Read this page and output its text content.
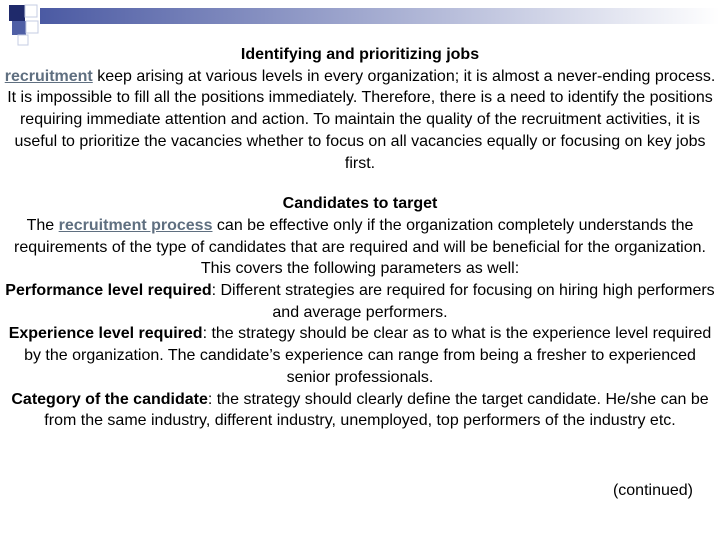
Identifying and prioritizing jobs
recruitment keep arising at various levels in every organization; it is almost a never-ending process. It is impossible to fill all the positions immediately. Therefore, there is a need to identify the positions requiring immediate attention and action. To maintain the quality of the recruitment activities, it is useful to prioritize the vacancies whether to focus on all vacancies equally or focusing on key jobs first.
Candidates to target
The recruitment process can be effective only if the organization completely understands the requirements of the type of candidates that are required and will be beneficial for the organization. This covers the following parameters as well:
Performance level required: Different strategies are required for focusing on hiring high performers and average performers.
Experience level required: the strategy should be clear as to what is the experience level required by the organization. The candidate’s experience can range from being a fresher to experienced senior professionals.
Category of the candidate: the strategy should clearly define the target candidate. He/she can be from the same industry, different industry, unemployed, top performers of the industry etc.
(continued)
